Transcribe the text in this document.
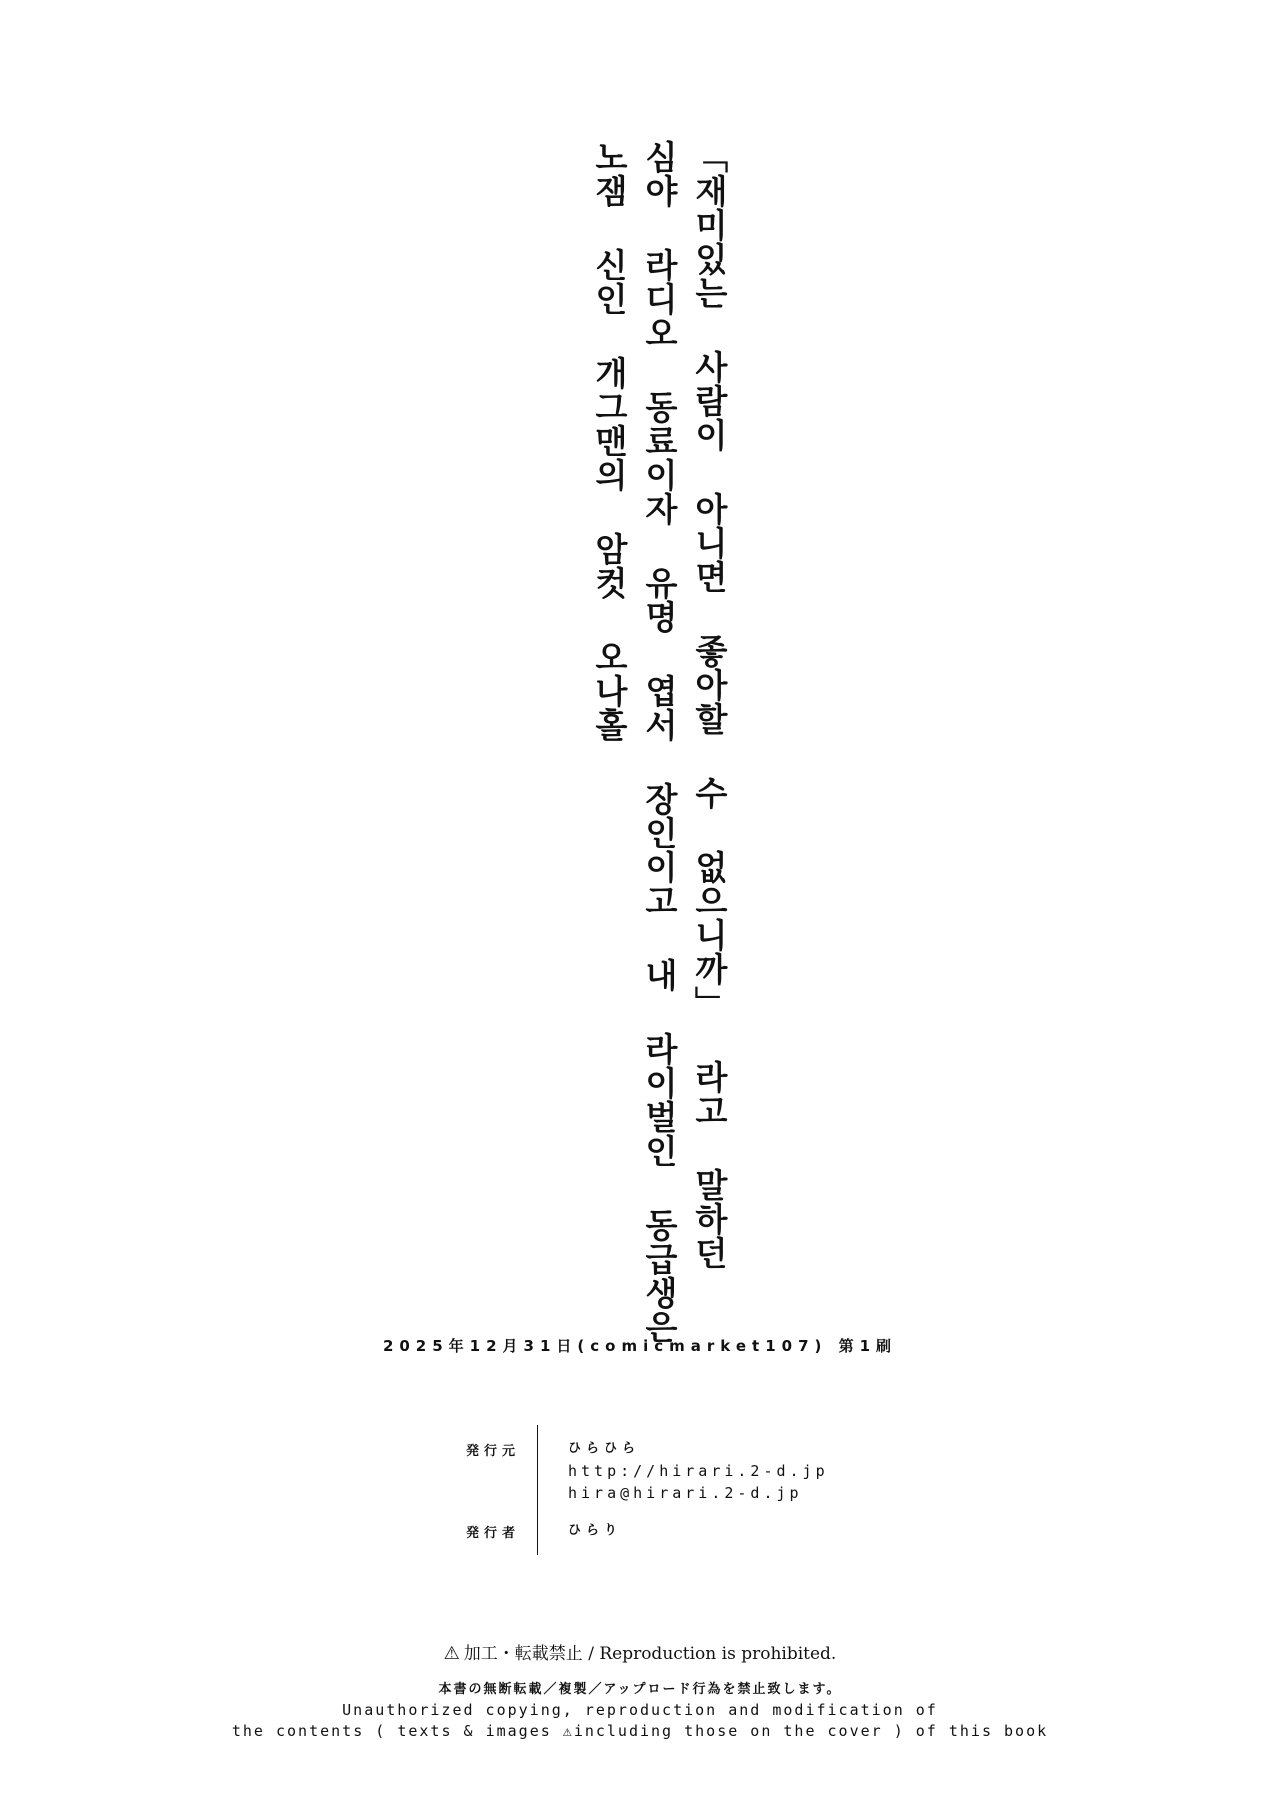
「재미있는 사람이 아니면 좋아할 수 없으니까」 라고 말하던
심야 라디오 동료이자 유명 엽서 장인이고 내 라이벌인 동급생은
노잼 신인 개그맨의 암컷 오나홀
2025年12月31日(comicmarket107) 第1刷
発行元	ひらひら
http://hirari.2-d.jp
hira@hirari.2-d.jp
発行者	ひらり
⚠ 加工・転載禁止 / Reproduction is prohibited.
本書の無断転載／複製／アップロード行為を禁止致します。
Unauthorized copying, reproduction and modification of
the contents ( texts & images ⚠including those on the cover ) of this book
